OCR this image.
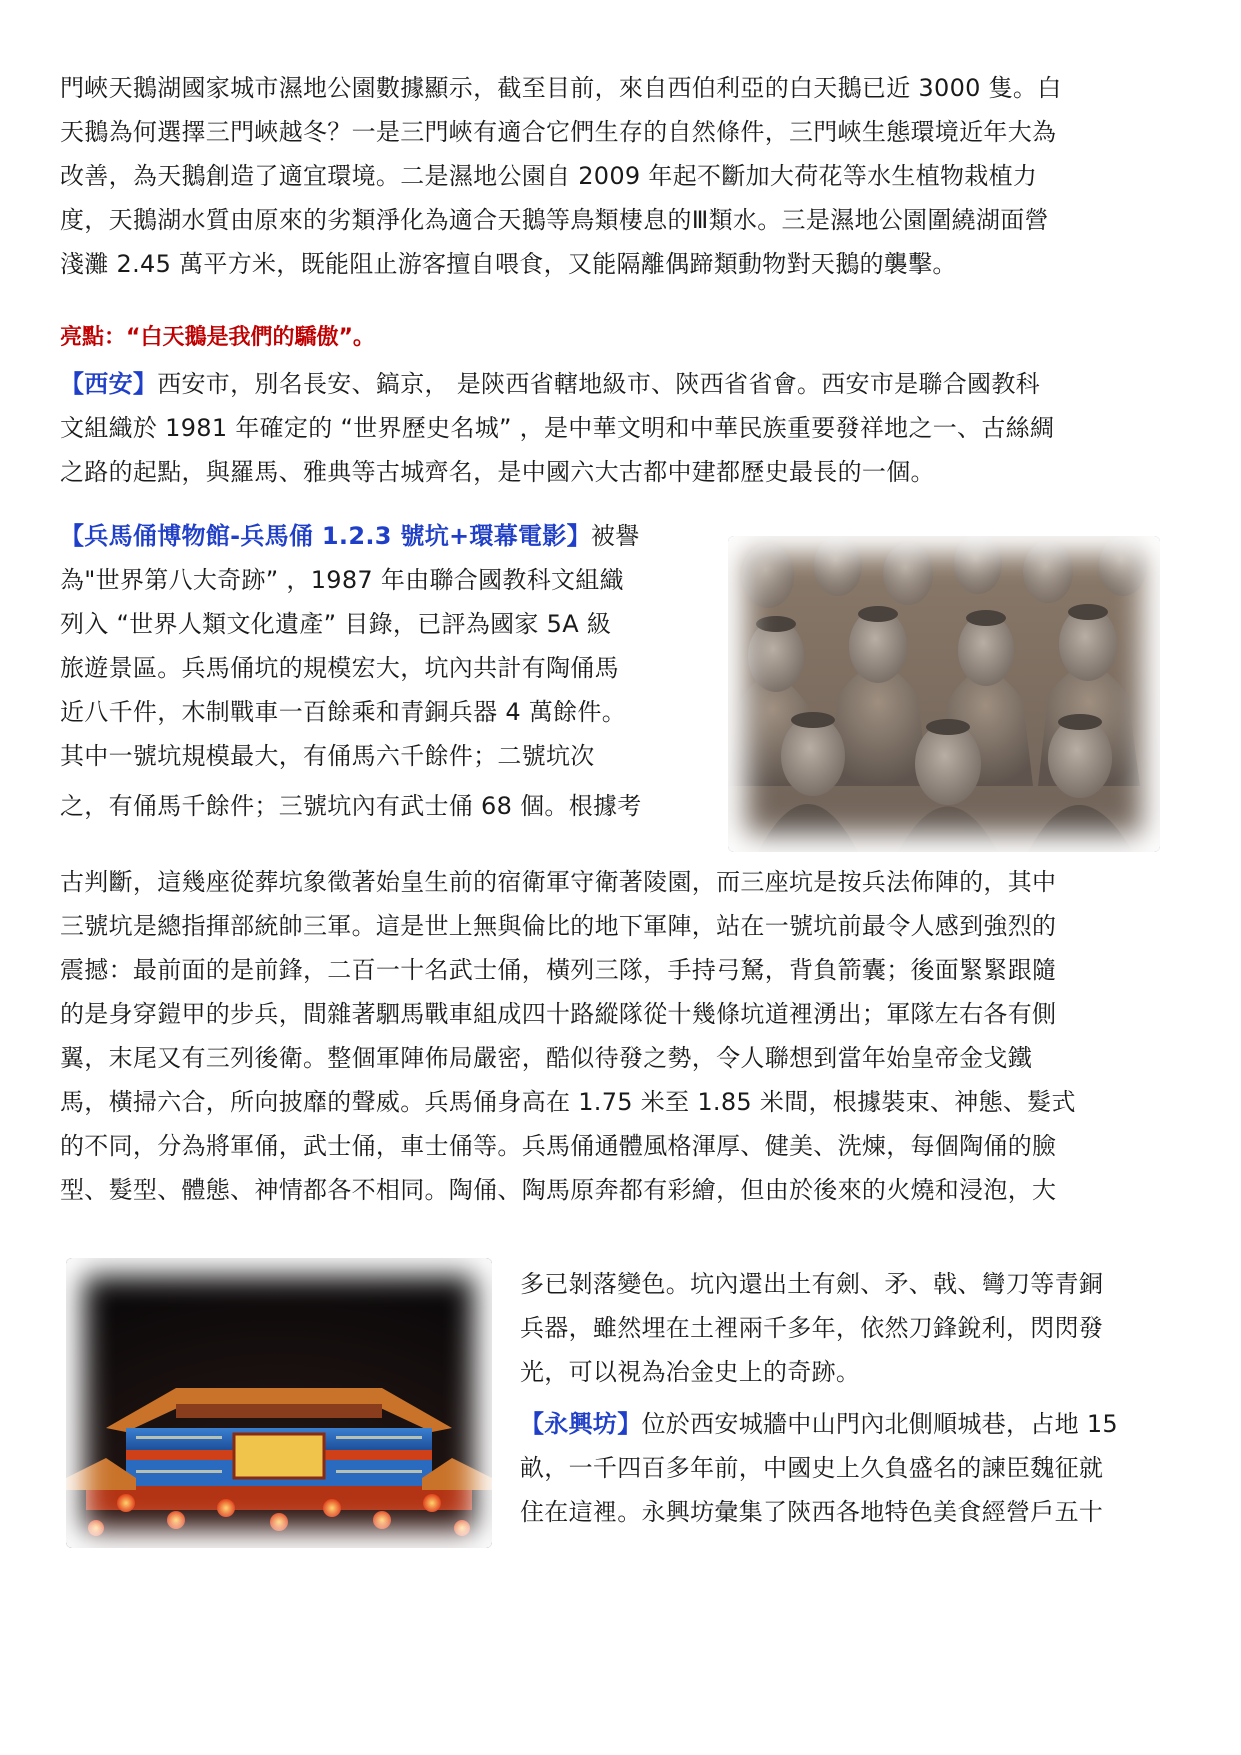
門峽天鵝湖國家城市濕地公園數據顯示，截至目前，來自西伯利亞的白天鵝已近 3000 隻。白
天鵝為何選擇三門峽越冬？一是三門峽有適合它們生存的自然條件，三門峽生態環境近年大為
改善，為天鵝創造了適宜環境。二是濕地公園自 2009 年起不斷加大荷花等水生植物栽植力
度，天鵝湖水質由原來的劣類淨化為適合天鵝等鳥類棲息的Ⅲ類水。三是濕地公園圍繞湖面營
淺灘 2.45 萬平方米，既能阻止游客擅自喂食，又能隔離偶蹄類動物對天鵝的襲擊。

亮點：“白天鵝是我們的驕傲”。

【西安】西安市，別名長安、鎬京， 是陝西省轄地級市、陝西省省會。西安市是聯合國教科
文組織於 1981 年確定的 “世界歷史名城” ，是中華文明和中華民族重要發祥地之一、古絲綢
之路的起點，與羅馬、雅典等古城齊名，是中國六大古都中建都歷史最長的一個。
【兵馬俑博物館-兵馬俑 1.2.3 號坑+環幕電影】被譽
為"世界第八大奇跡” ，1987 年由聯合國教科文組織
列入 “世界人類文化遺產” 目錄，已評為國家 5A 級
旅遊景區。兵馬俑坑的規模宏大，坑內共計有陶俑馬
近八千件，木制戰車一百餘乘和青銅兵器 4 萬餘件。
其中一號坑規模最大，有俑馬六千餘件；二號坑次
之，有俑馬千餘件；三號坑內有武士俑 68 個。根據考
古判斷，這幾座從葬坑象徵著始皇生前的宿衛軍守衛著陵園，而三座坑是按兵法佈陣的，其中
三號坑是總指揮部統帥三軍。這是世上無與倫比的地下軍陣，站在一號坑前最令人感到強烈的
震撼：最前面的是前鋒，二百一十名武士俑，橫列三隊，手持弓駑，背負箭囊；後面緊緊跟隨
的是身穿鎧甲的步兵，間雜著駟馬戰車組成四十路縱隊從十幾條坑道裡湧出；軍隊左右各有側
翼，末尾又有三列後衛。整個軍陣佈局嚴密，酷似待發之勢，令人聯想到當年始皇帝金戈鐵
馬，橫掃六合，所向披靡的聲威。兵馬俑身高在 1.75 米至 1.85 米間，根據裝束、神態、髮式
的不同，分為將軍俑，武士俑，車士俑等。兵馬俑通體風格渾厚、健美、洗煉，每個陶俑的臉
型、髮型、體態、神情都各不相同。陶俑、陶馬原奔都有彩繪，但由於後來的火燒和浸泡，大
多已剝落變色。坑內還出土有劍、矛、戟、彎刀等青銅
兵器，雖然埋在土裡兩千多年，依然刀鋒銳利，閃閃發
光，可以視為冶金史上的奇跡。
【永興坊】位於西安城牆中山門內北側順城巷，占地 15
畝，一千四百多年前，中國史上久負盛名的諫臣魏征就
住在這裡。永興坊彙集了陝西各地特色美食經營戶五十
